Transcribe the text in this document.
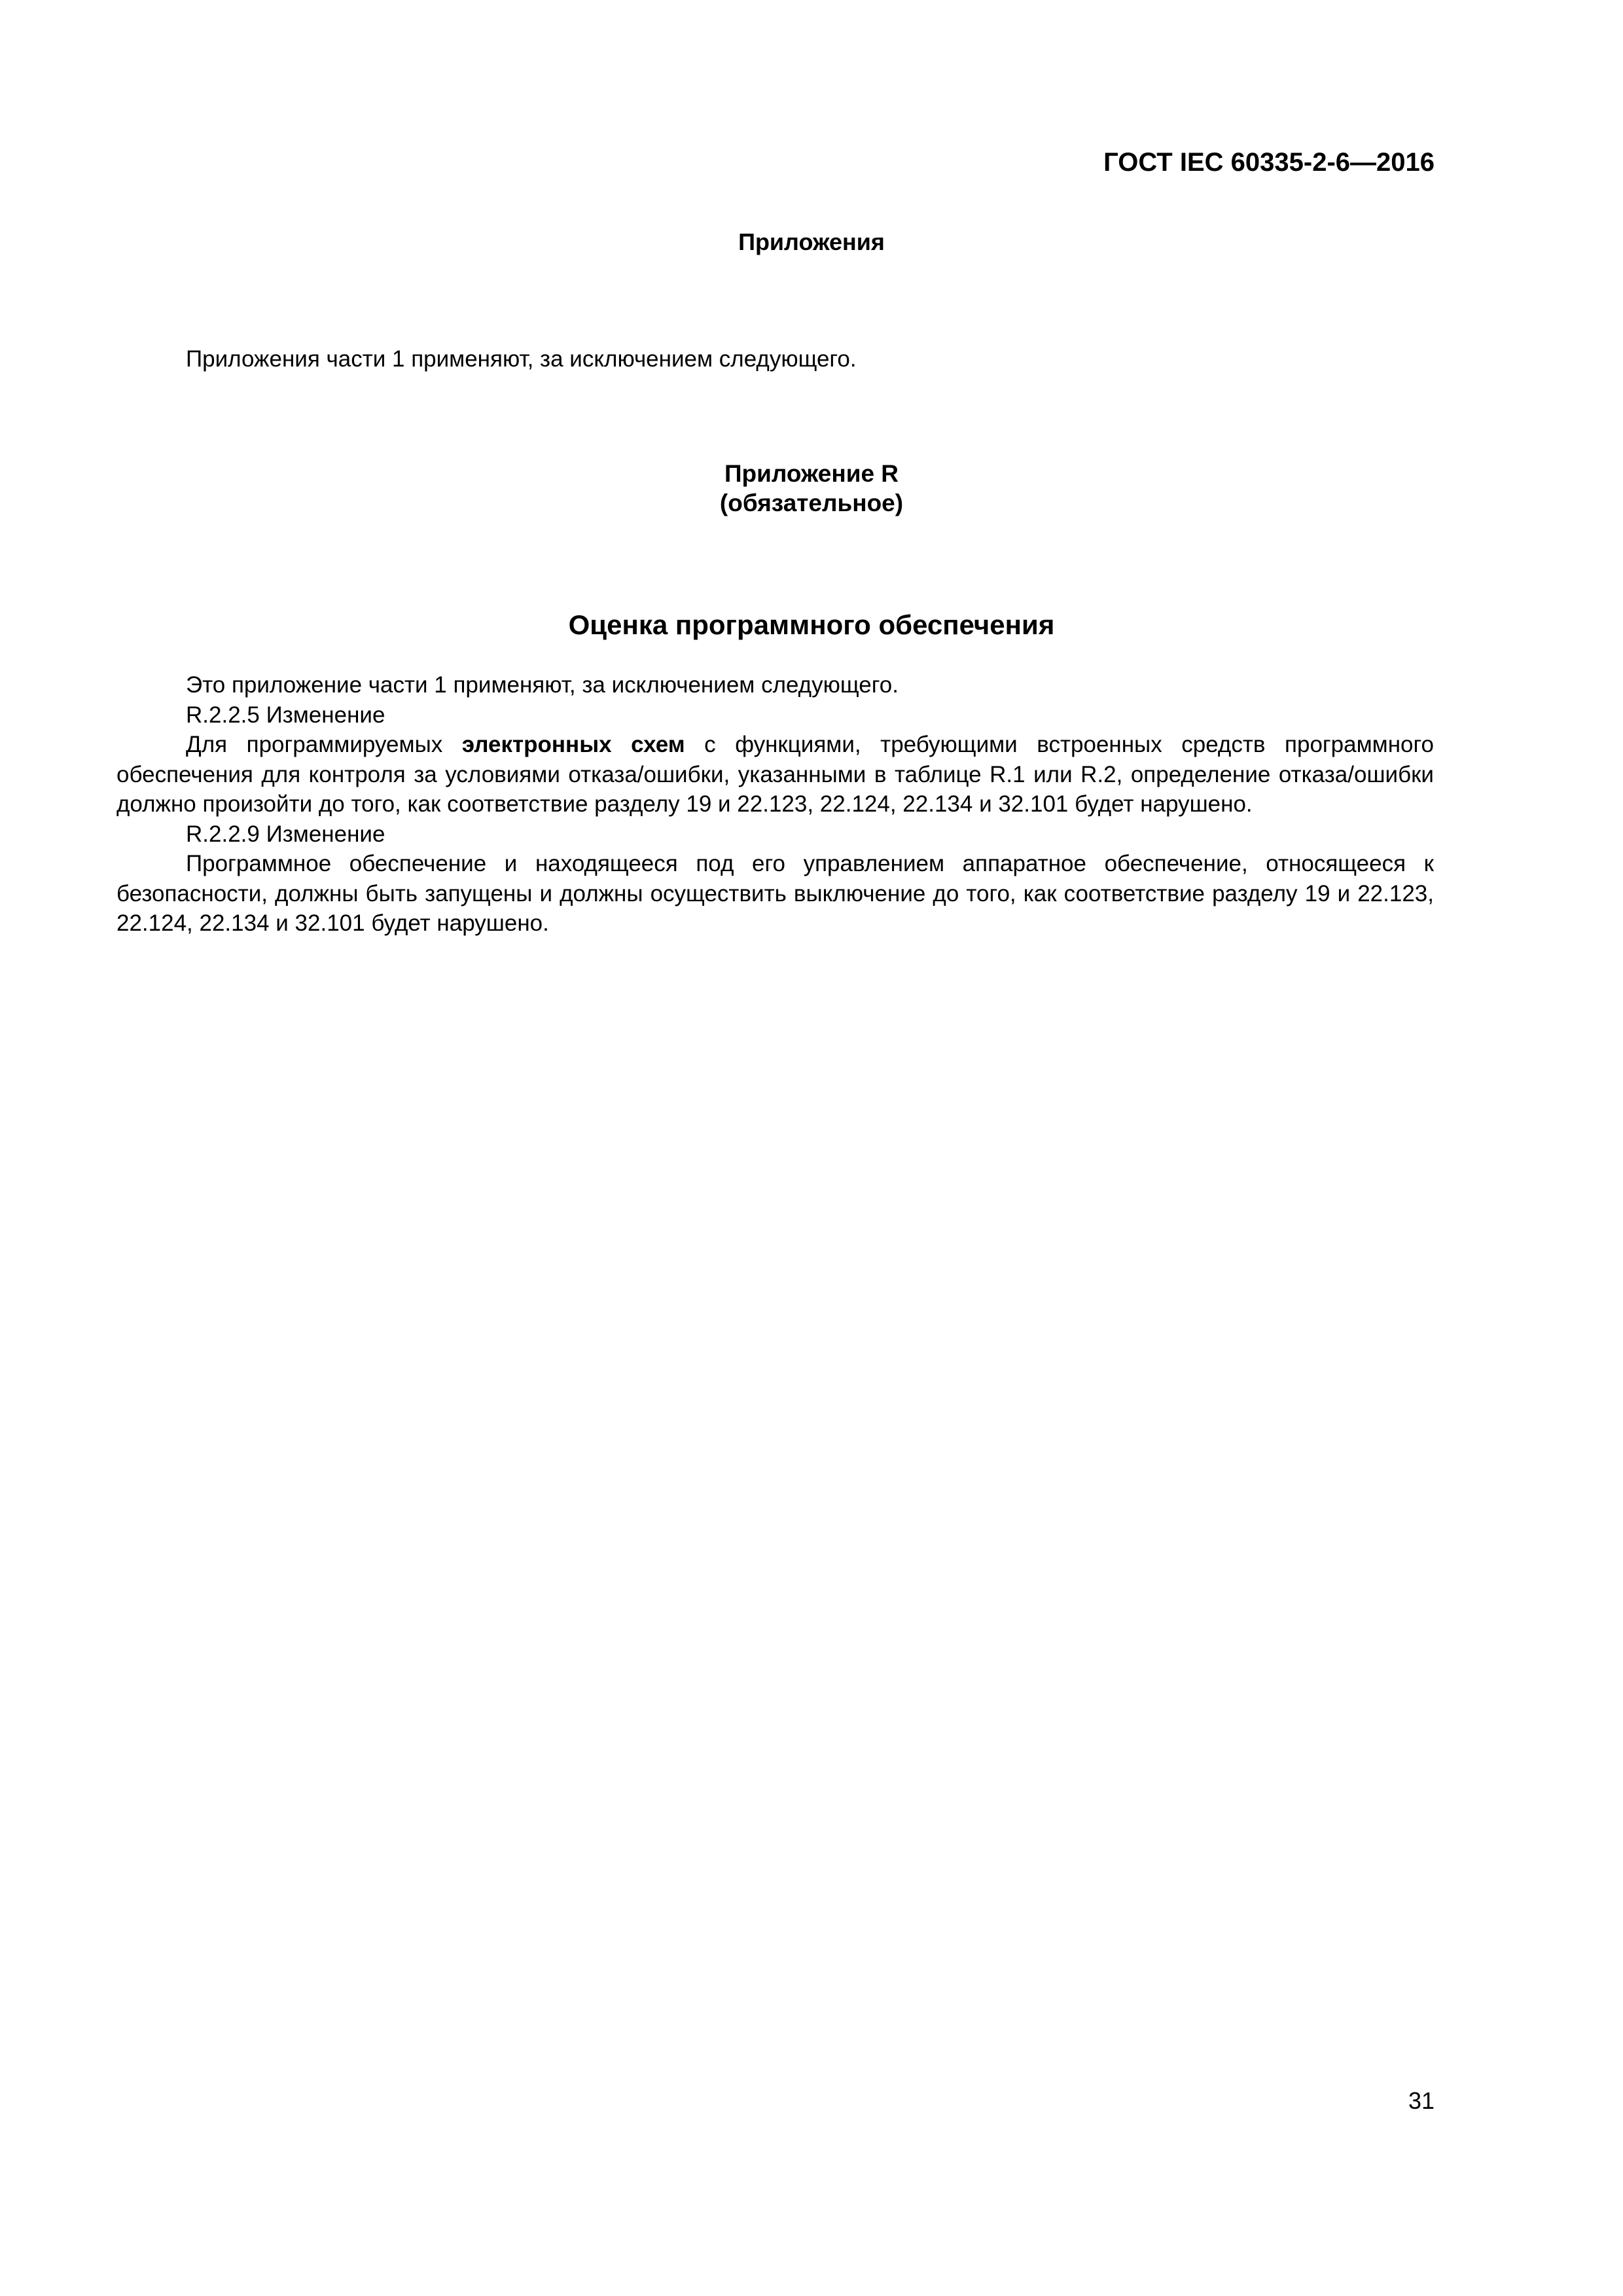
ГОСТ IEC 60335-2-6—2016
Приложения

Приложения части 1 применяют, за исключением следующего.

Приложение R
(обязательное)
Оценка программного обеспечения

Это приложение части 1 применяют, за исключением следующего.

R.2.2.5 Изменение

Для программируемых электронных схем с функциями, требующими встроенных средств программного обеспечения для контроля за условиями отказа/ошибки, указанными в таблице R.1 или R.2, определение отказа/ошибки должно произойти до того, как соответствие разделу 19 и 22.123, 22.124, 22.134 и 32.101 будет нарушено.

R.2.2.9 Изменение

Программное обеспечение и находящееся под его управлением аппаратное обеспечение, относящееся к безопасности, должны быть запущены и должны осуществить выключение до того, как соответствие разделу 19 и 22.123, 22.124, 22.134 и 32.101 будет нарушено.

31
